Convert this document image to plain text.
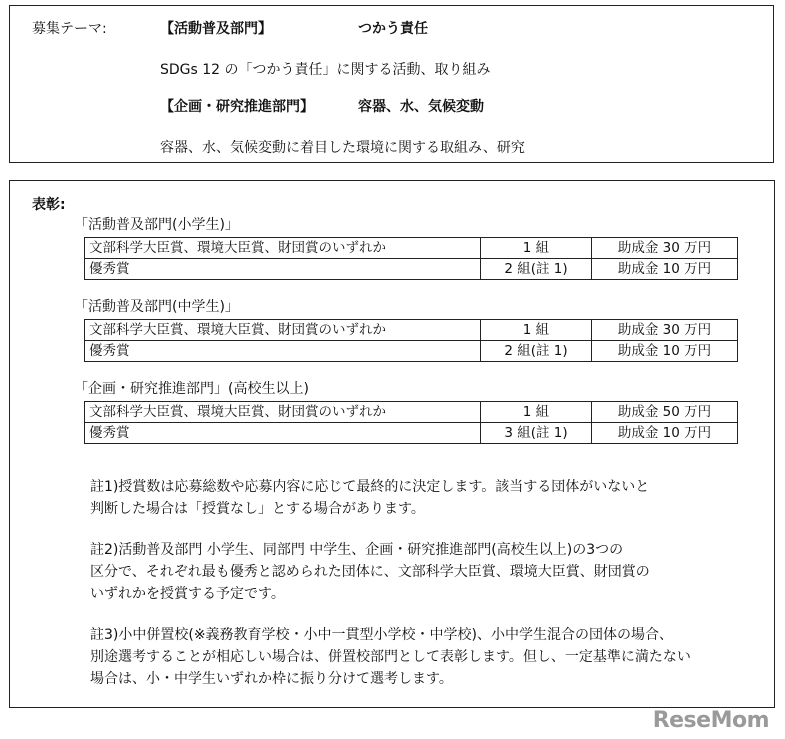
募集テーマ:	【活動普及部門】	つかう責任
SDGs 12 の「つかう責任」に関する活動、取り組み
【企画・研究推進部門】	容器、水、気候変動
容器、水、気候変動に着目した環境に関する取組み、研究
表彰:
「活動普及部門(小学生)」
文部科学大臣賞、環境大臣賞、財団賞のいずれか	1 組	助成金 30 万円
優秀賞	2 組(註 1)	助成金 10 万円
「活動普及部門(中学生)」
文部科学大臣賞、環境大臣賞、財団賞のいずれか	1 組	助成金 30 万円
優秀賞	2 組(註 1)	助成金 10 万円
「企画・研究推進部門」(高校生以上)
文部科学大臣賞、環境大臣賞、財団賞のいずれか	1 組	助成金 50 万円
優秀賞	3 組(註 1)	助成金 10 万円
註1)授賞数は応募総数や応募内容に応じて最終的に決定します。該当する団体がいないと
判断した場合は「授賞なし」とする場合があります。
註2)活動普及部門 小学生、同部門 中学生、企画・研究推進部門(高校生以上)の3つの
区分で、それぞれ最も優秀と認められた団体に、文部科学大臣賞、環境大臣賞、財団賞の
いずれかを授賞する予定です。
註3)小中併置校(※義務教育学校・小中一貫型小学校・中学校)、小中学生混合の団体の場合、
別途選考することが相応しい場合は、併置校部門として表彰します。但し、一定基準に満たない
場合は、小・中学生いずれか枠に振り分けて選考します。
ReseMom
